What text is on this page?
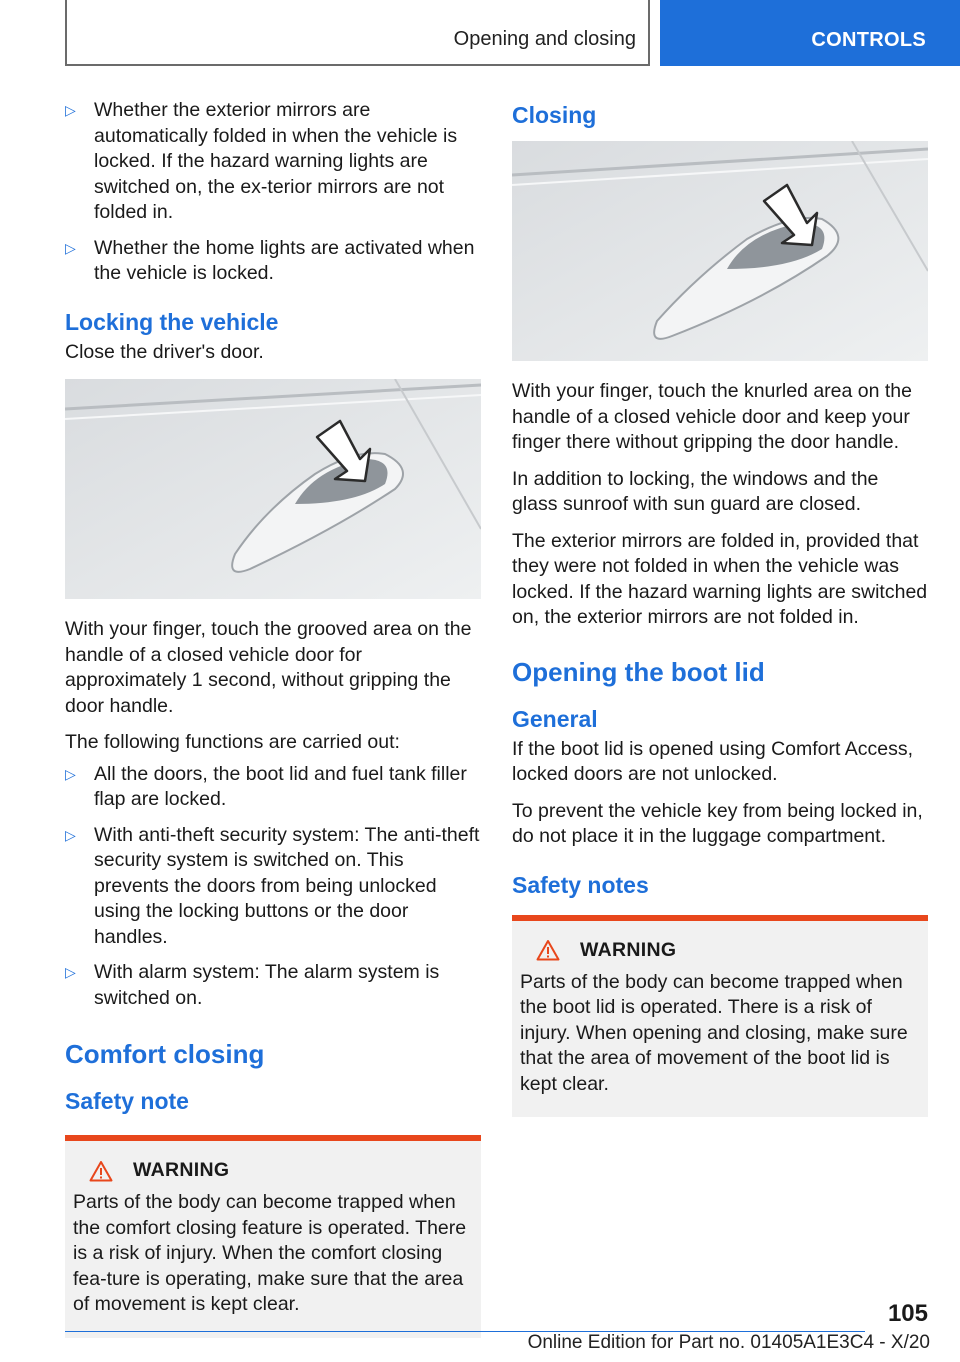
Opening and closing	CONTROLS
▷ Whether the exterior mirrors are automatically folded in when the vehicle is locked. If the hazard warning lights are switched on, the ex-terior mirrors are not folded in.
▷ Whether the home lights are activated when the vehicle is locked.
Locking the vehicle

Close the driver's door.

With your finger, touch the grooved area on the handle of a closed vehicle door for approximately 1 second, without gripping the door handle.

The following functions are carried out:

▷ All the doors, the boot lid and fuel tank filler flap are locked.
▷ With anti-theft security system: The anti-theft security system is switched on. This prevents the doors from being unlocked using the locking buttons or the door handles.
▷ With alarm system: The alarm system is switched on.
Comfort closing
Safety note
WARNING

Parts of the body can become trapped when the comfort closing feature is operated. There is a risk of injury. When the comfort closing fea-ture is operating, make sure that the area of movement is kept clear.

Closing

With your finger, touch the knurled area on the handle of a closed vehicle door and keep your finger there without gripping the door handle.

In addition to locking, the windows and the glass sunroof with sun guard are closed.

The exterior mirrors are folded in, provided that they were not folded in when the vehicle was locked. If the hazard warning lights are switched on, the exterior mirrors are not folded in.

Opening the boot lid
General

If the boot lid is opened using Comfort Access, locked doors are not unlocked.

To prevent the vehicle key from being locked in, do not place it in the luggage compartment.

Safety notes
WARNING

Parts of the body can become trapped when the boot lid is operated. There is a risk of injury. When opening and closing, make sure that the area of movement of the boot lid is kept clear.

105
Online Edition for Part no. 01405A1E3C4 - X/20
